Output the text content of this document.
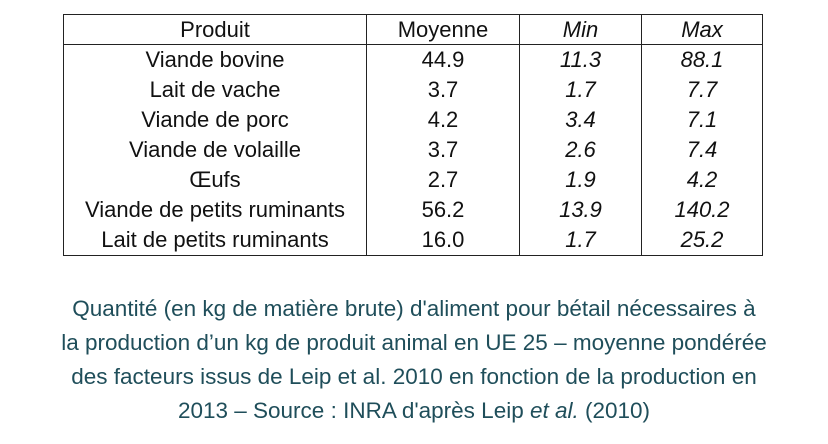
Produit	Moyenne	Min	Max
Viande bovine	44.9	11.3	88.1
Lait de vache	3.7	1.7	7.7
Viande de porc	4.2	3.4	7.1
Viande de volaille	3.7	2.6	7.4
Œufs	2.7	1.9	4.2
Viande de petits ruminants	56.2	13.9	140.2
Lait de petits ruminants	16.0	1.7	25.2
Quantité (en kg de matière brute) d'aliment pour bétail nécessaires à
la production d’un kg de produit animal en UE 25 – moyenne pondérée
des facteurs issus de Leip et al. 2010 en fonction de la production en
2013 – Source : INRA d'après Leip et al. (2010)
